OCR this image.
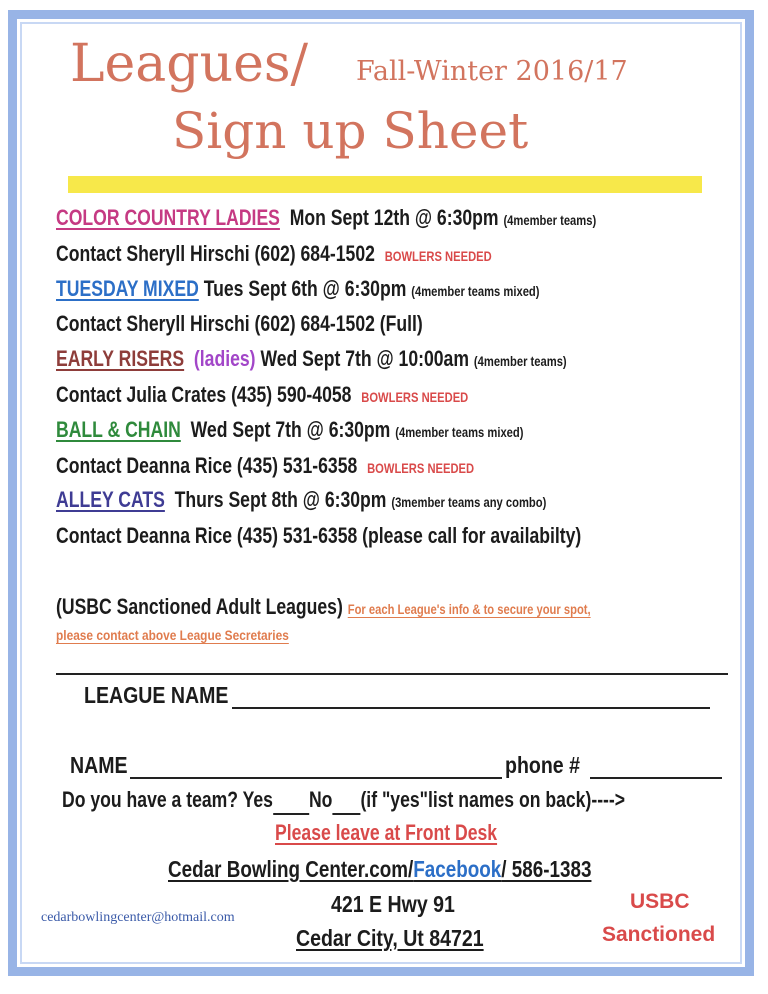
Leagues/ Fall-Winter 2016/17
Sign up Sheet
COLOR COUNTRY LADIES Mon Sept 12th @ 6:30pm (4member teams)
Contact Sheryll Hirschi (602) 684-1502 BOWLERS NEEDED
TUESDAY MIXED Tues Sept 6th @ 6:30pm (4member teams mixed)
Contact Sheryll Hirschi (602) 684-1502 (Full)
EARLY RISERS (ladies) Wed Sept 7th @ 10:00am (4member teams)
Contact Julia Crates (435) 590-4058 BOWLERS NEEDED
BALL & CHAIN Wed Sept 7th @ 6:30pm (4member teams mixed)
Contact Deanna Rice (435) 531-6358 BOWLERS NEEDED
ALLEY CATS Thurs Sept 8th @ 6:30pm (3member teams any combo)
Contact Deanna Rice (435) 531-6358 (please call for availabilty)
(USBC Sanctioned Adult Leagues) For each League's info & to secure your spot,
please contact above League Secretaries
LEAGUE NAME
NAME	phone #
Do you have a team? Yes No (if "yes"list names on back)---->
Please leave at Front Desk
Cedar Bowling Center.com/Facebook/ 586-1383
421 E Hwy 91
Cedar City, Ut 84721
cedarbowlingcenter@hotmail.com
USBC
Sanctioned
